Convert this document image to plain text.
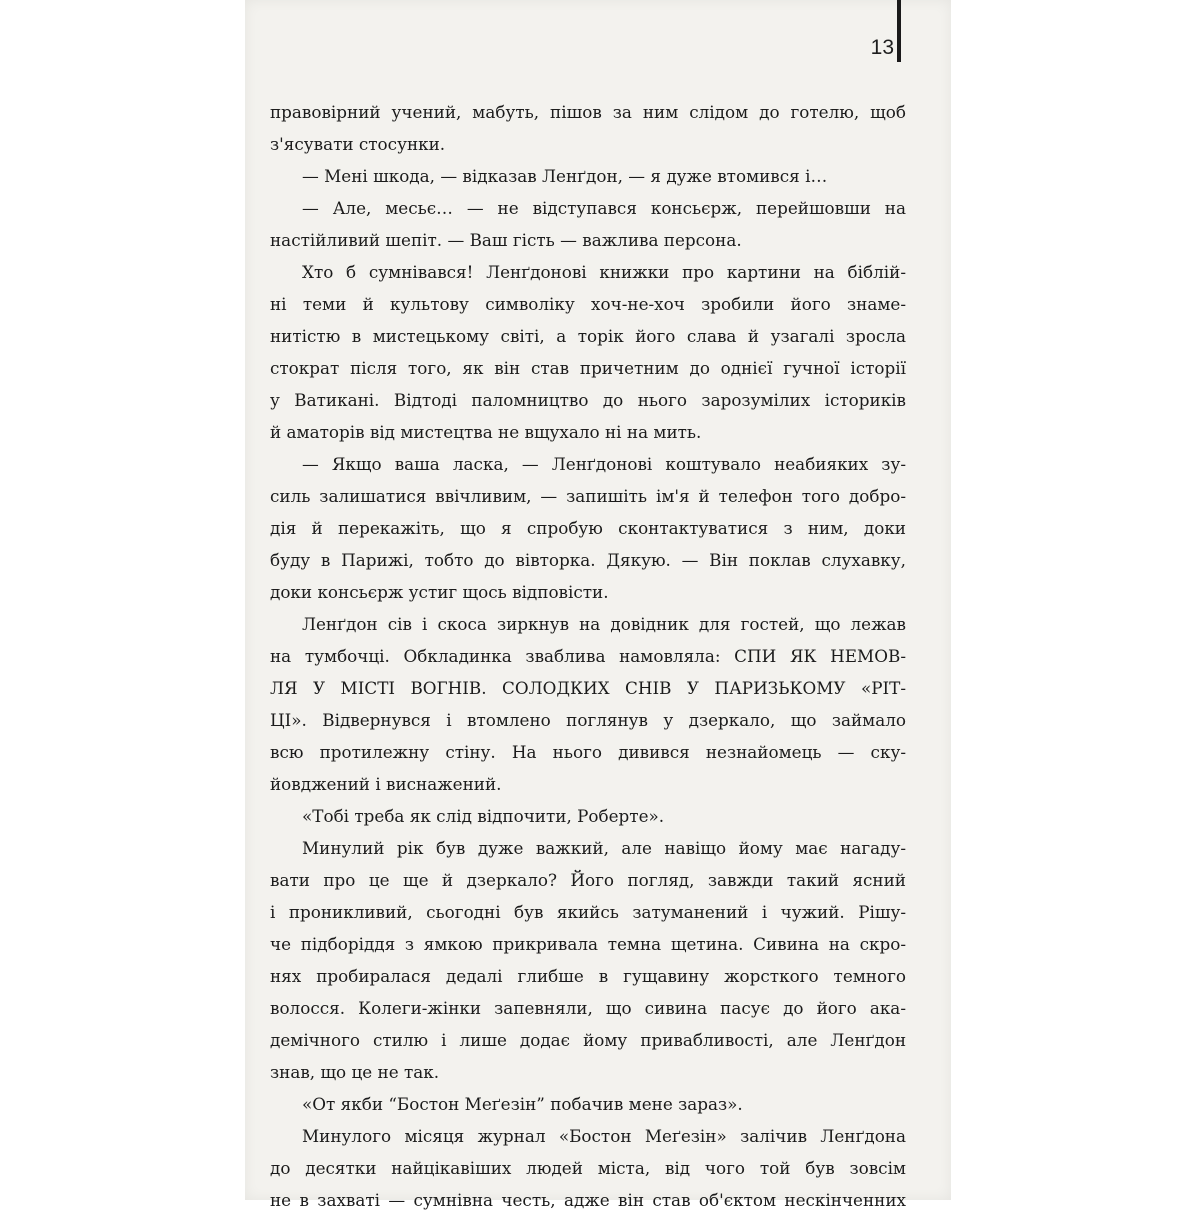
13
правовірний учений, мабуть, пішов за ним слідом до готелю, щоб
з'ясувати стосунки.
— Мені шкода, — відказав Ленґдон, — я дуже втомився і…
— Але, месьє… — не відступався консьєрж, перейшовши на
настійливий шепіт. — Ваш гість — важлива персона.
Хто б сумнівався! Ленґдонові книжки про картини на біблій-
ні теми й культову символіку хоч-не-хоч зробили його знаме-
нитістю в мистецькому світі, а торік його слава й узагалі зросла
стократ після того, як він став причетним до однієї гучної історії
у Ватикані. Відтоді паломництво до нього зарозумілих істориків
й аматорів від мистецтва не вщухало ні на мить.
— Якщо ваша ласка, — Ленґдонові коштувало неабияких зу-
силь залишатися ввічливим, — запишіть ім'я й телефон того добро-
дія й перекажіть, що я спробую сконтактуватися з ним, доки
буду в Парижі, тобто до вівторка. Дякую. — Він поклав слухавку,
доки консьєрж устиг щось відповісти.
Ленґдон сів і скоса зиркнув на довідник для гостей, що лежав
на тумбочці. Обкладинка зваблива намовляла: СПИ ЯК НЕМОВ-
ЛЯ У МІСТІ ВОГНІВ. СОЛОДКИХ СНІВ У ПАРИЗЬКОМУ «РІТ-
ЦІ». Відвернувся і втомлено поглянув у дзеркало, що займало
всю протилежну стіну. На нього дивився незнайомець — ску-
йовджений і виснажений.
«Тобі треба як слід відпочити, Роберте».
Минулий рік був дуже важкий, але навіщо йому має нагаду-
вати про це ще й дзеркало? Його погляд, завжди такий ясний
і проникливий, сьогодні був якийсь затуманений і чужий. Рішу-
че підборіддя з ямкою прикривала темна щетина. Сивина на скро-
нях пробиралася дедалі глибше в гущавину жорсткого темного
волосся. Колеги-жінки запевняли, що сивина пасує до його ака-
демічного стилю і лише додає йому привабливості, але Ленґдон
знав, що це не так.
«От якби “Бостон Меґезін” побачив мене зараз».
Минулого місяця журнал «Бостон Меґезін» залічив Ленґдона
до десятки найцікавіших людей міста, від чого той був зовсім
не в захваті — сумнівна честь, адже він став об'єктом нескінченних
